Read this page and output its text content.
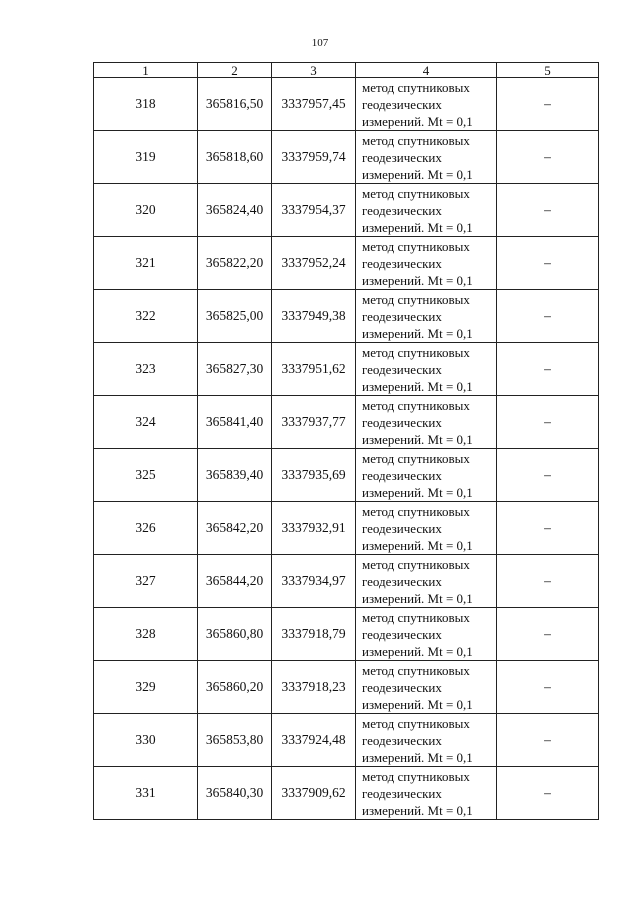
107
1	2	3	4	5
318	365816,50	3337957,45	метод спутниковых
геодезических
измерений. Mt = 0,1	–
319	365818,60	3337959,74	метод спутниковых
геодезических
измерений. Mt = 0,1	–
320	365824,40	3337954,37	метод спутниковых
геодезических
измерений. Mt = 0,1	–
321	365822,20	3337952,24	метод спутниковых
геодезических
измерений. Mt = 0,1	–
322	365825,00	3337949,38	метод спутниковых
геодезических
измерений. Mt = 0,1	–
323	365827,30	3337951,62	метод спутниковых
геодезических
измерений. Mt = 0,1	–
324	365841,40	3337937,77	метод спутниковых
геодезических
измерений. Mt = 0,1	–
325	365839,40	3337935,69	метод спутниковых
геодезических
измерений. Mt = 0,1	–
326	365842,20	3337932,91	метод спутниковых
геодезических
измерений. Mt = 0,1	–
327	365844,20	3337934,97	метод спутниковых
геодезических
измерений. Mt = 0,1	–
328	365860,80	3337918,79	метод спутниковых
геодезических
измерений. Mt = 0,1	–
329	365860,20	3337918,23	метод спутниковых
геодезических
измерений. Mt = 0,1	–
330	365853,80	3337924,48	метод спутниковых
геодезических
измерений. Mt = 0,1	–
331	365840,30	3337909,62	метод спутниковых
геодезических
измерений. Mt = 0,1	–
